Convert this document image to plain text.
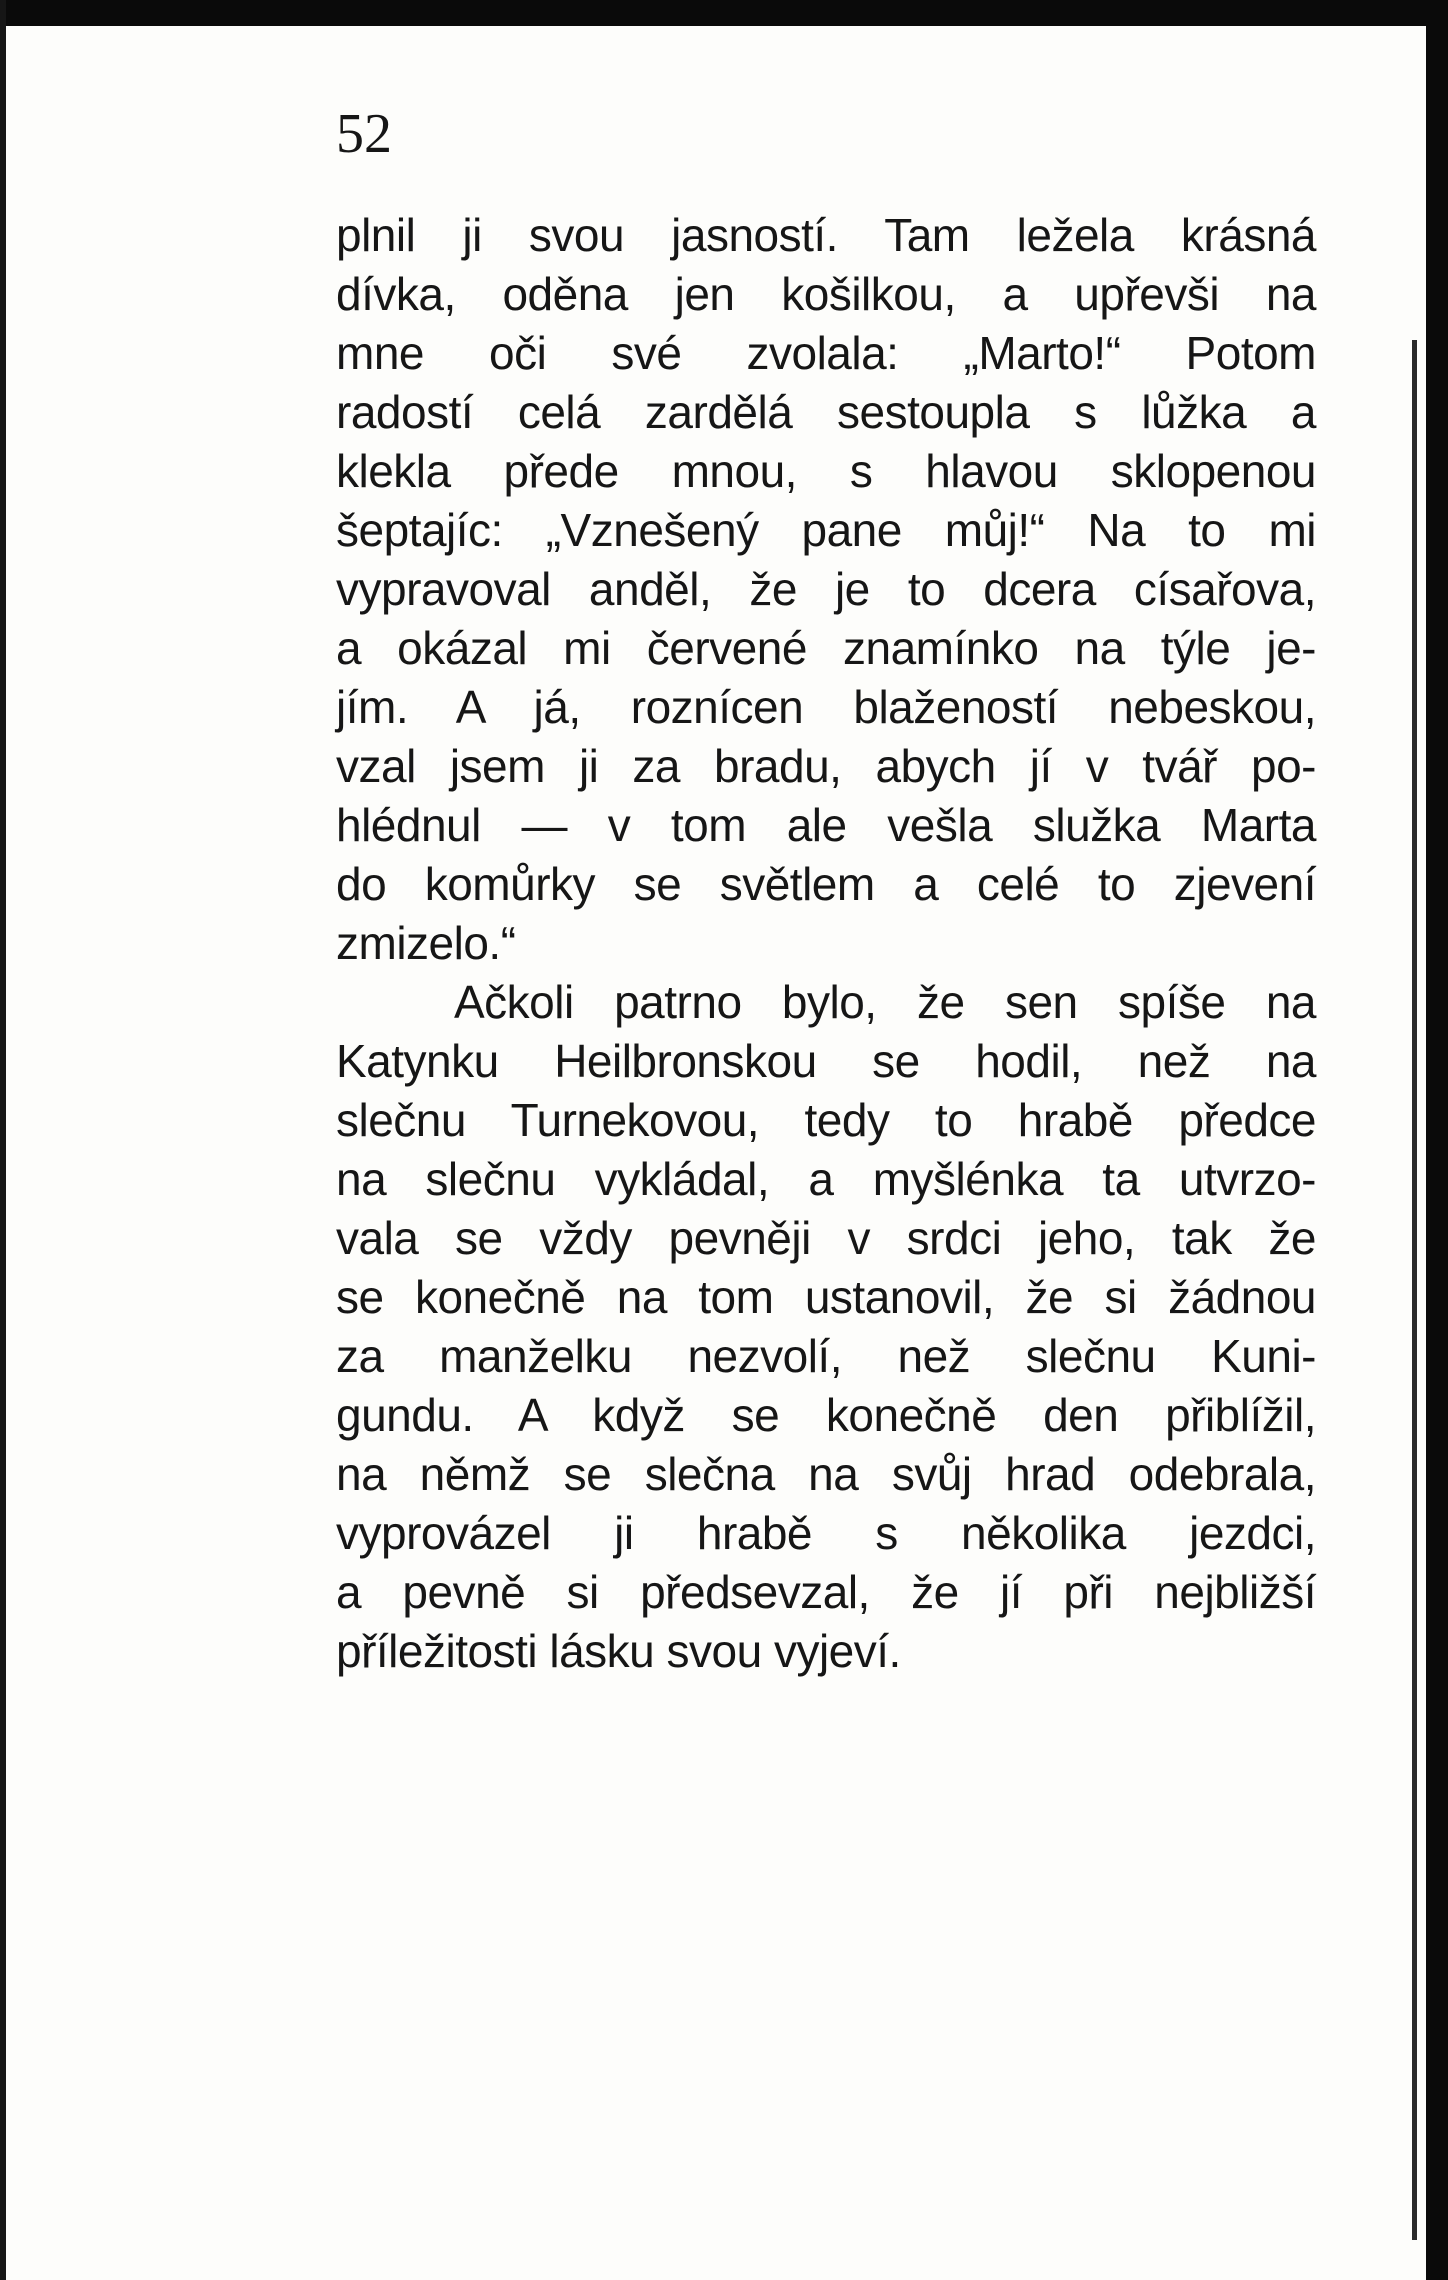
52
plnil ji svou jasností. Tam ležela krásná
dívka, oděna jen košilkou, a upřevši na
mne oči své zvolala: „Marto!“ Potom
radostí celá zardělá sestoupla s lůžka a
klekla přede mnou, s hlavou sklopenou
šeptajíc: „Vznešený pane můj!“ Na to mi
vypravoval anděl, že je to dcera císařova,
a okázal mi červené znamínko na týle je-
jím. A já, roznícen blažeností nebeskou,
vzal jsem ji za bradu, abych jí v tvář po-
hlédnul — v tom ale vešla služka Marta
do komůrky se světlem a celé to zjevení
zmizelo.“
Ačkoli patrno bylo, že sen spíše na
Katynku Heilbronskou se hodil, než na
slečnu Turnekovou, tedy to hrabě předce
na slečnu vykládal, a myšlénka ta utvrzo-
vala se vždy pevněji v srdci jeho, tak že
se konečně na tom ustanovil, že si žádnou
za manželku nezvolí, než slečnu Kuni-
gundu. A když se konečně den přiblížil,
na němž se slečna na svůj hrad odebrala,
vyprovázel ji hrabě s několika jezdci,
a pevně si předsevzal, že jí při nejbližší
příležitosti lásku svou vyjeví.
